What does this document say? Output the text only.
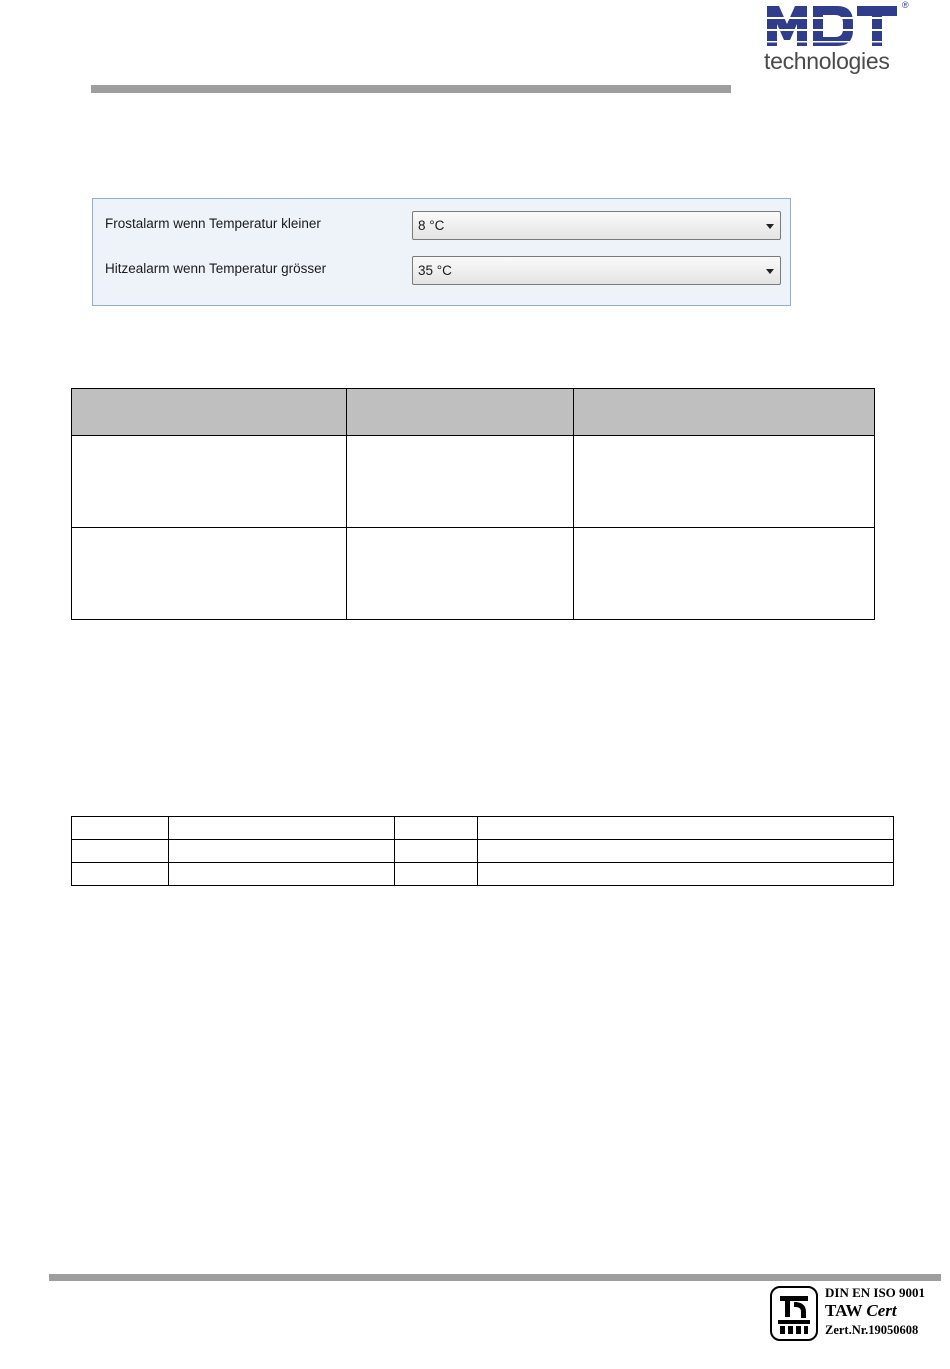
®
technologies
Frostalarm wenn Temperatur kleiner	8 °C
Hitzealarm wenn Temperatur grösser	35 °C

DIN EN ISO 9001
TAW Cert
Zert.Nr.19050608
